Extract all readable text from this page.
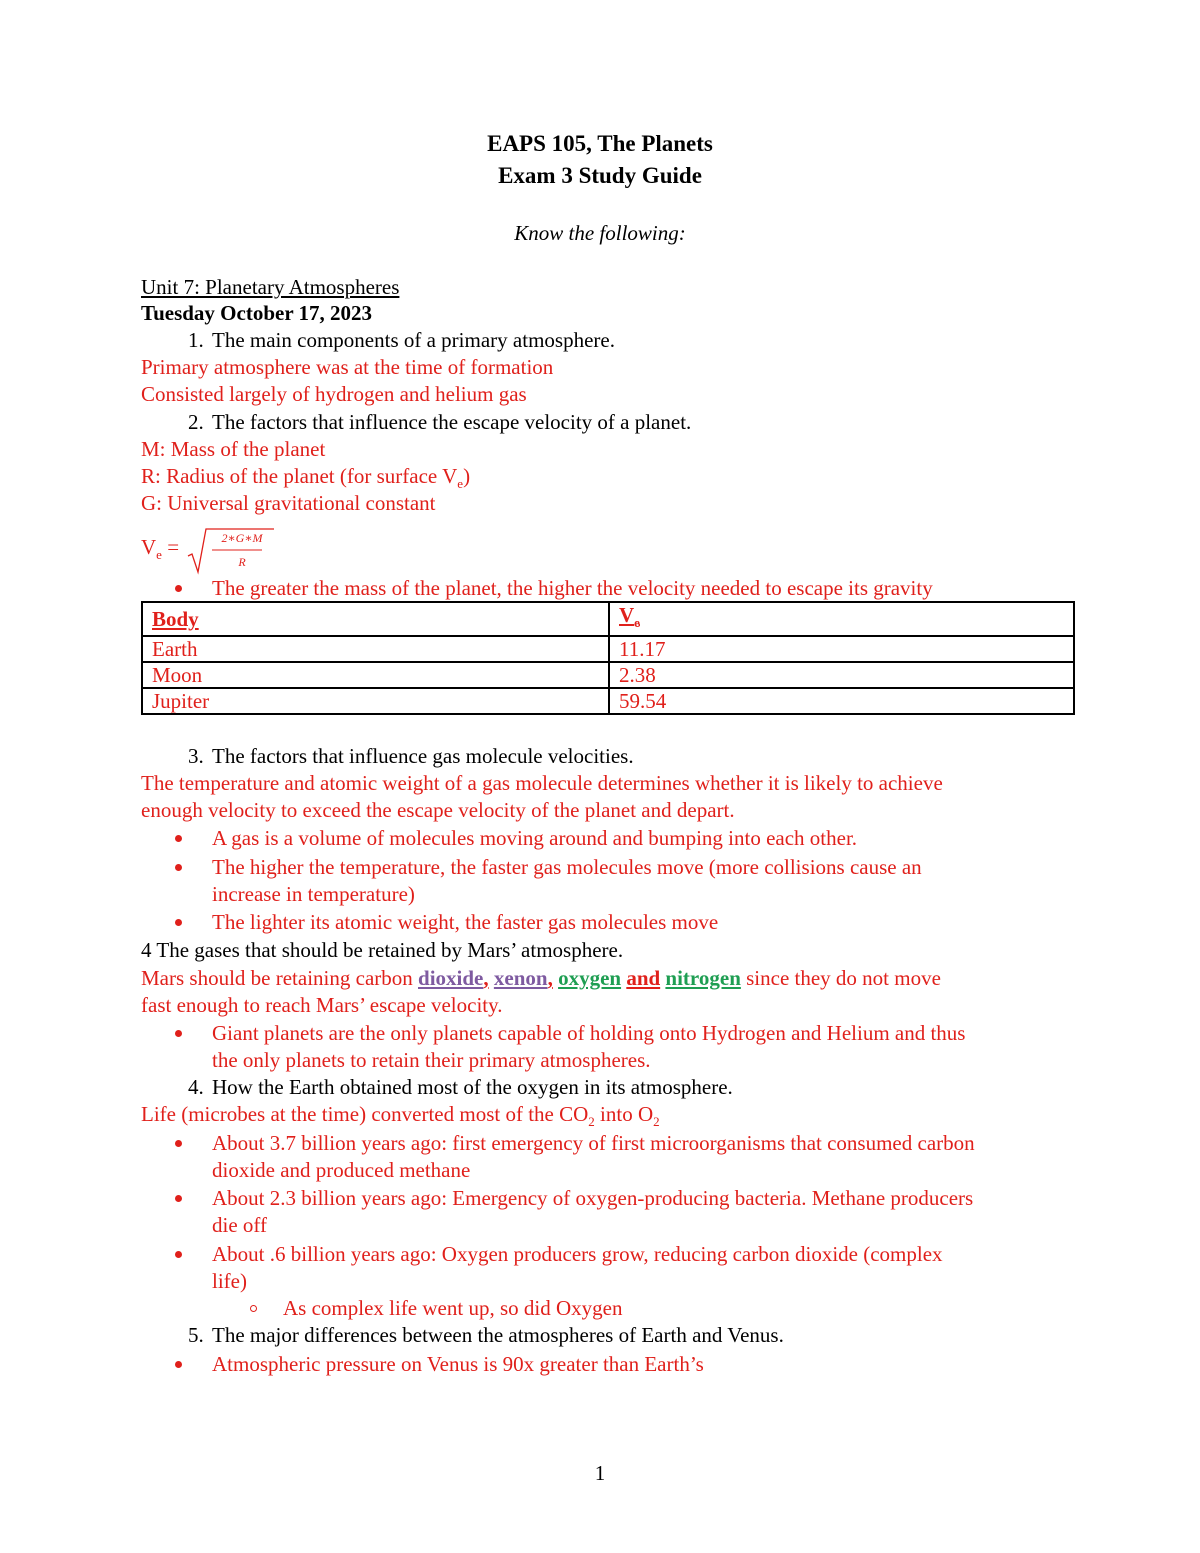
EAPS 105, The Planets
Exam 3 Study Guide
Know the following:
Unit 7: Planetary Atmospheres
Tuesday October 17, 2023
1. The main components of a primary atmosphere.
Primary atmosphere was at the time of formation
Consisted largely of hydrogen and helium gas
2. The factors that influence the escape velocity of a planet.
M: Mass of the planet
R: Radius of the planet (for surface $V_e$)
G: Universal gravitational constant
$V_e$ =	2∗G∗M
R
The greater the mass of the planet, the higher the velocity needed to escape its gravity
Body	$V_e$
Earth	11.17
Moon	2.38
Jupiter	59.54
3. The factors that influence gas molecule velocities.
The temperature and atomic weight of a gas molecule determines whether it is likely to achieve
enough velocity to exceed the escape velocity of the planet and depart.
A gas is a volume of molecules moving around and bumping into each other.
The higher the temperature, the faster gas molecules move (more collisions cause an
increase in temperature)
The lighter its atomic weight, the faster gas molecules move
4 The gases that should be retained by Mars’ atmosphere.
Mars should be retaining carbon dioxide, xenon, oxygen and nitrogen since they do not move
fast enough to reach Mars’ escape velocity.
Giant planets are the only planets capable of holding onto Hydrogen and Helium and thus
the only planets to retain their primary atmospheres.
4. How the Earth obtained most of the oxygen in its atmosphere.
Life (microbes at the time) converted most of the $CO_2$ into $O_2$
About 3.7 billion years ago: first emergency of first microorganisms that consumed carbon
dioxide and produced methane
About 2.3 billion years ago: Emergency of oxygen-producing bacteria. Methane producers
die off
About .6 billion years ago: Oxygen producers grow, reducing carbon dioxide (complex
life)
As complex life went up, so did Oxygen
5. The major differences between the atmospheres of Earth and Venus.
Atmospheric pressure on Venus is 90x greater than Earth’s
1
